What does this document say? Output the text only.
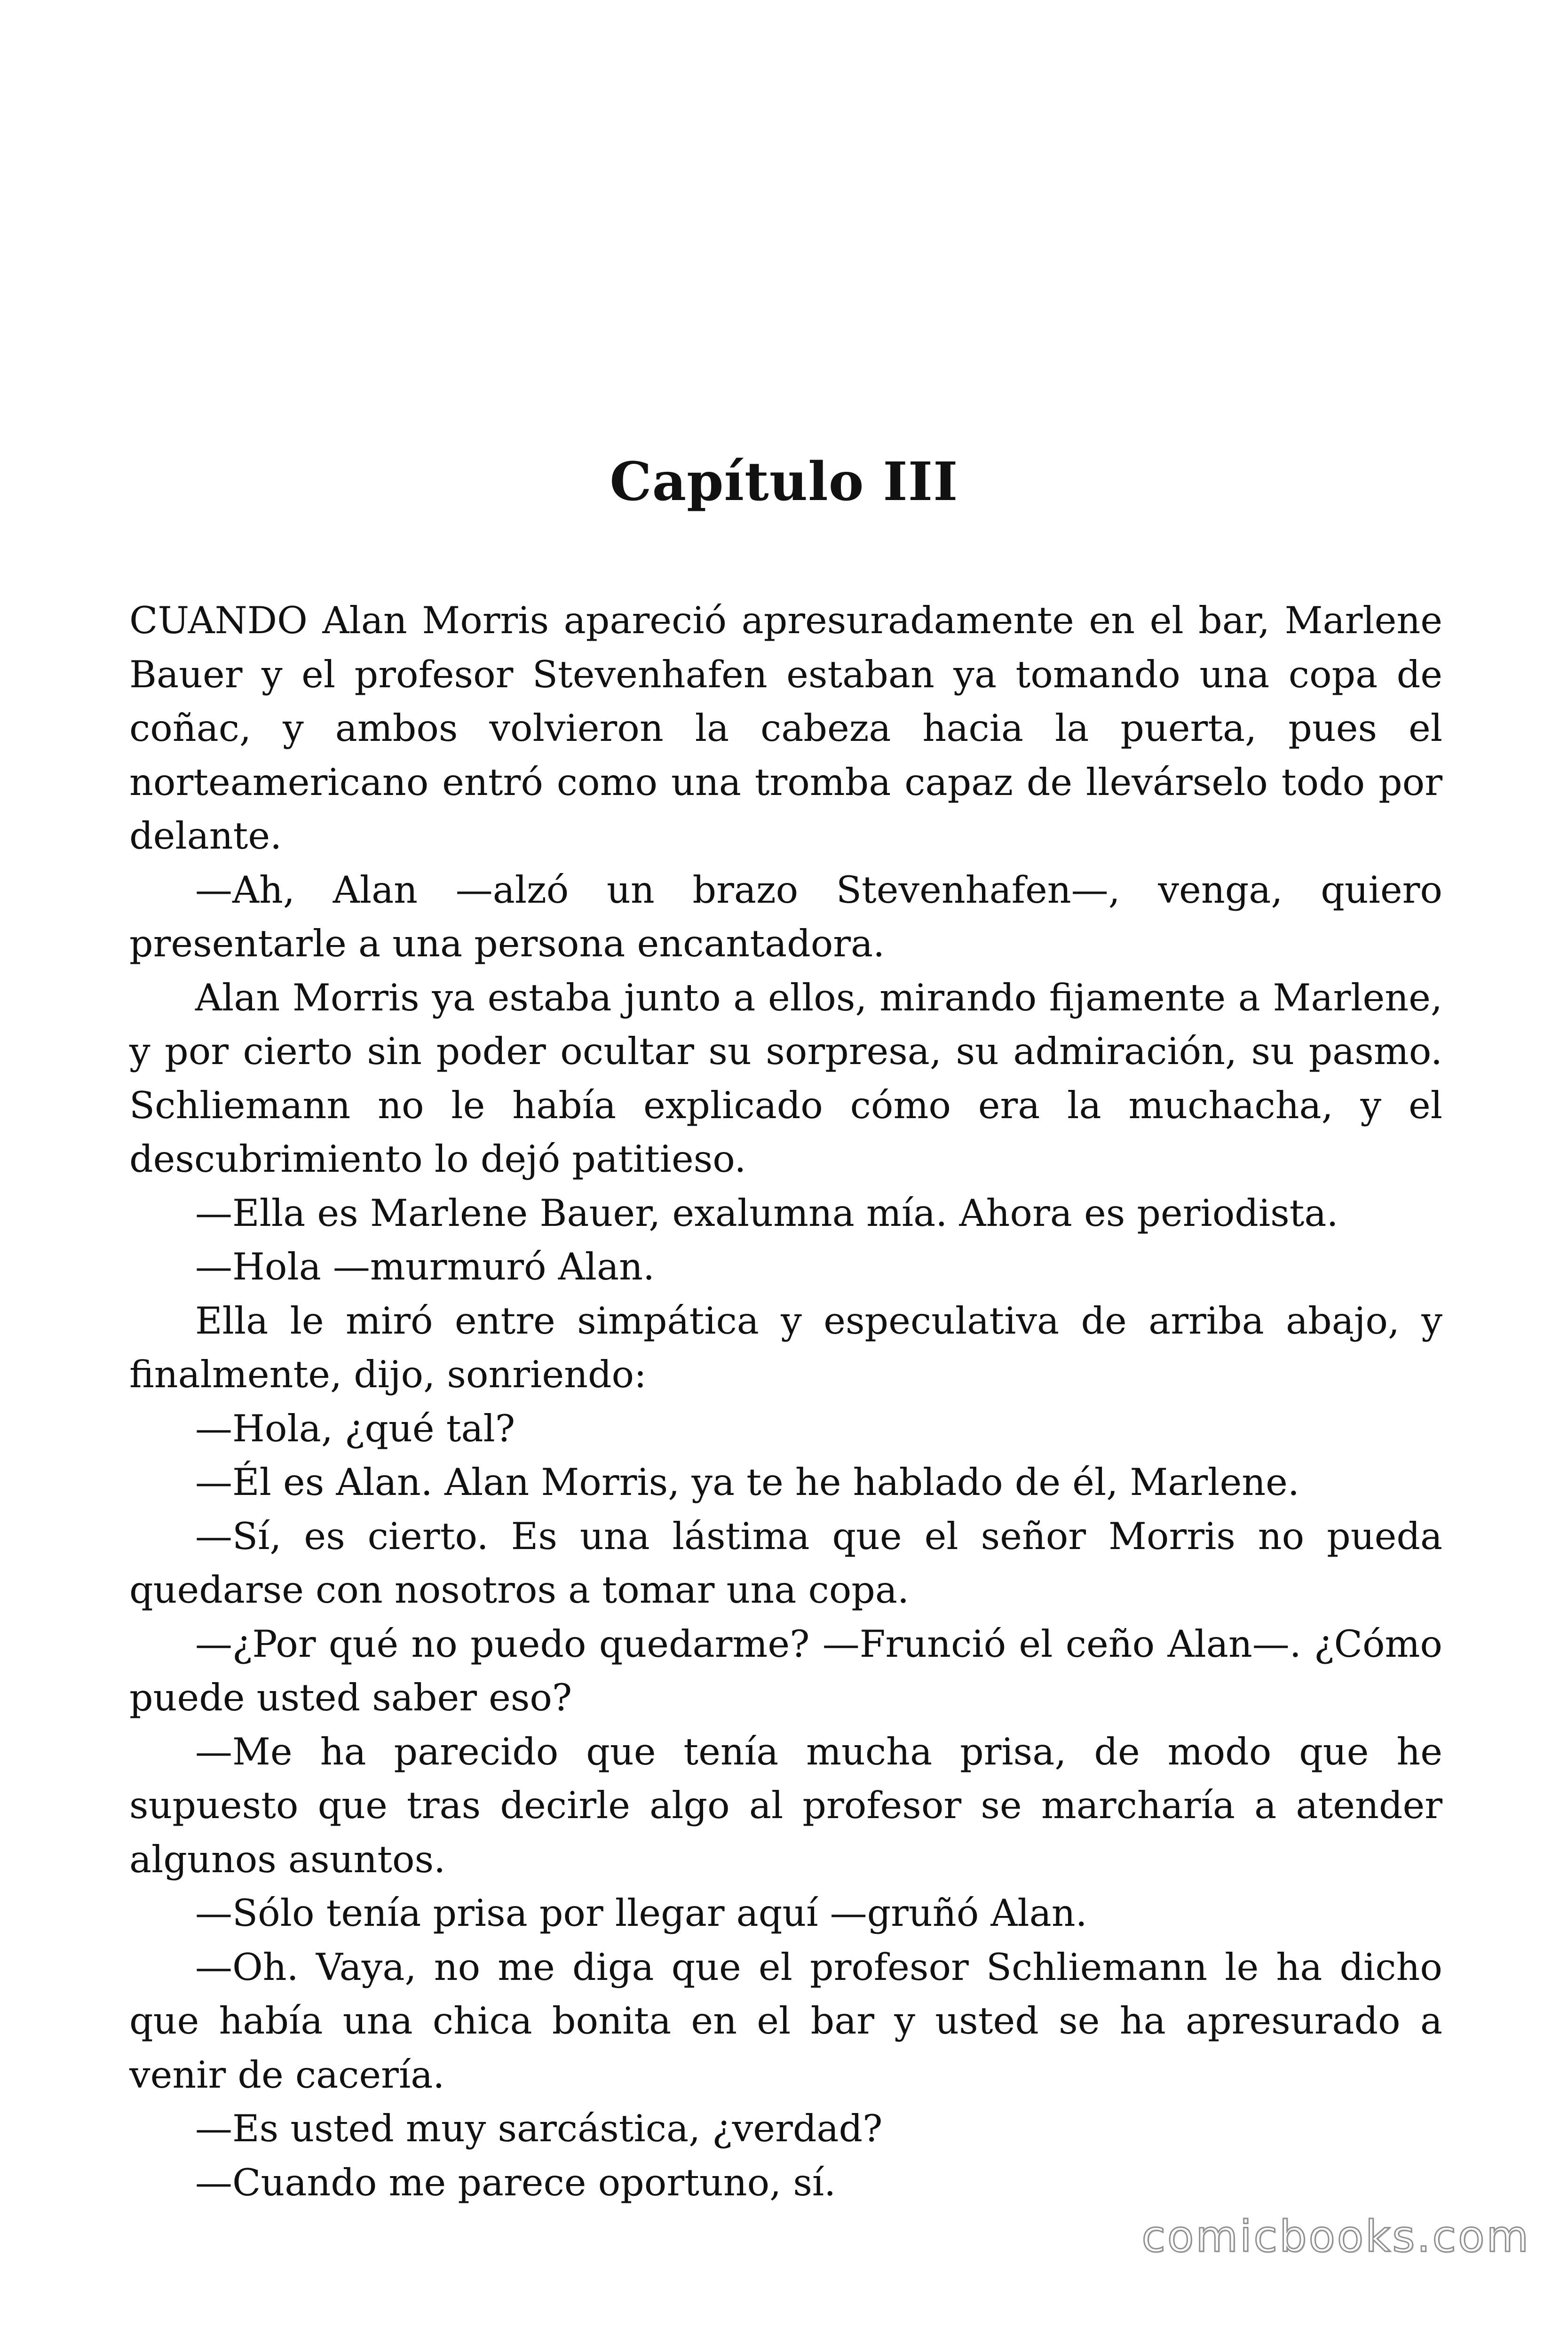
Capítulo III

CUANDO Alan Morris apareció apresuradamente en el bar, Marlene Bauer y el profesor Stevenhafen estaban ya tomando una copa de coñac, y ambos volvieron la cabeza hacia la puerta, pues el norteamericano entró como una tromba capaz de llevárselo todo por delante.

—Ah, Alan —alzó un brazo Stevenhafen—, venga, quiero presentarle a una persona encantadora.

Alan Morris ya estaba junto a ellos, mirando fijamente a Marlene, y por cierto sin poder ocultar su sorpresa, su admiración, su pasmo. Schliemann no le había explicado cómo era la muchacha, y el descubrimiento lo dejó patitieso.

—Ella es Marlene Bauer, exalumna mía. Ahora es periodista.

—Hola —murmuró Alan.

Ella le miró entre simpática y especulativa de arriba abajo, y finalmente, dijo, sonriendo:

—Hola, ¿qué tal?

—Él es Alan. Alan Morris, ya te he hablado de él, Marlene.

—Sí, es cierto. Es una lástima que el señor Morris no pueda quedarse con nosotros a tomar una copa.

—¿Por qué no puedo quedarme? —Frunció el ceño Alan—. ¿Cómo puede usted saber eso?

—Me ha parecido que tenía mucha prisa, de modo que he supuesto que tras decirle algo al profesor se marcharía a atender algunos asuntos.

—Sólo tenía prisa por llegar aquí —gruñó Alan.

—Oh. Vaya, no me diga que el profesor Schliemann le ha dicho que había una chica bonita en el bar y usted se ha apresurado a venir de cacería.

—Es usted muy sarcástica, ¿verdad?

—Cuando me parece oportuno, sí.

comicbooks.com
